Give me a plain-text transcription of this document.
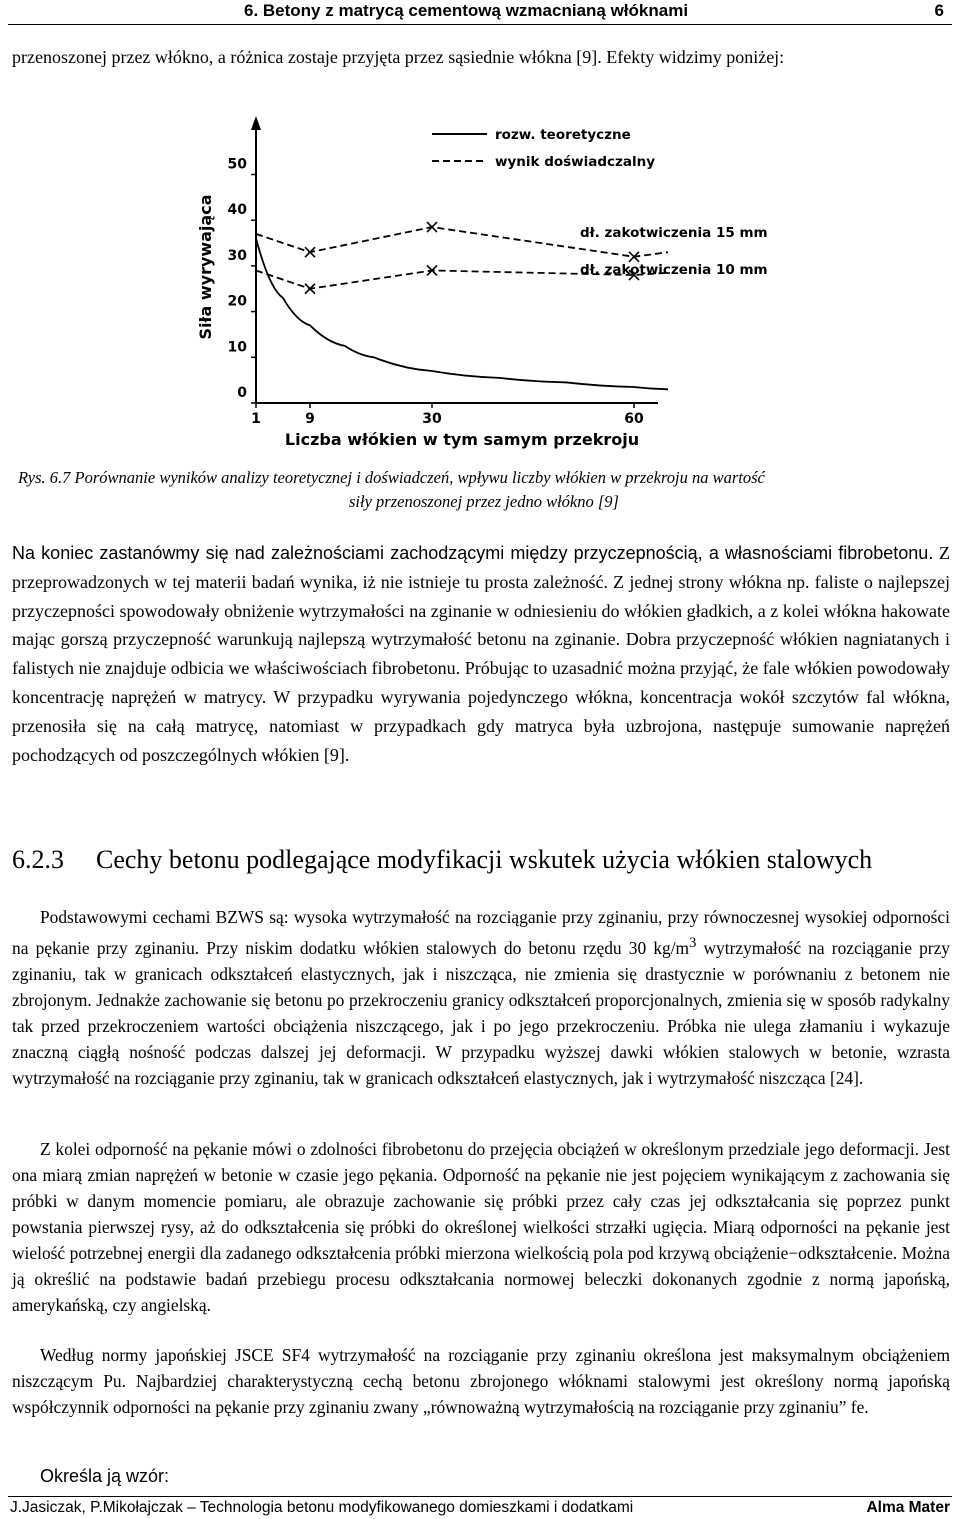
6. Betony z matrycą cementową wzmacnianą włóknami	6
przenoszonej przez włókno, a różnica zostaje przyjęta przez sąsiednie włókna [9]. Efekty widzimy poniżej:
0
10
20
30
40
50
1	9	30	60
Siła wyrywająca
Liczba włókien w tym samym przekroju
rozw. teoretyczne
wynik doświadczalny
dł. zakotwiczenia 15 mm
dł. zakotwiczenia 10 mm
Rys. 6.7 Porównanie wyników analizy teoretycznej i doświadczeń, wpływu liczby włókien w przekroju na wartość
siły przenoszonej przez jedno włókno [9]
Na koniec zastanówmy się nad zależnościami zachodzącymi między przyczepnością, a własnościami fibrobetonu. Z przeprowadzonych w tej materii badań wynika, iż nie istnieje tu prosta zależność. Z jednej strony włókna np. faliste o najlepszej przyczepności spowodowały obniżenie wytrzymałości na zginanie w odniesieniu do włókien gładkich, a z kolei włókna hakowate mając gorszą przyczepność warunkują najlepszą wytrzymałość betonu na zginanie. Dobra przyczepność włókien nagniatanych i falistych nie znajduje odbicia we właściwościach fibrobetonu. Próbując to uzasadnić można przyjąć, że fale włókien powodowały koncentrację naprężeń w matrycy. W przypadku wyrywania pojedynczego włókna, koncentracja wokół szczytów fal włókna, przenosiła się na całą matrycę, natomiast w przypadkach gdy matryca była uzbrojona, następuje sumowanie naprężeń pochodzących od poszczególnych włókien [9].
6.2.3 Cechy betonu podlegające modyfikacji wskutek użycia włókien stalowych

Podstawowymi cechami BZWS są: wysoka wytrzymałość na rozciąganie przy zginaniu, przy równoczesnej wysokiej odporności na pękanie przy zginaniu. Przy niskim dodatku włókien stalowych do betonu rzędu 30 $kg/m^3$ wytrzymałość na rozciąganie przy zginaniu, tak w granicach odkształceń elastycznych, jak i niszcząca, nie zmienia się drastycznie w porównaniu z betonem nie zbrojonym. Jednakże zachowanie się betonu po przekroczeniu granicy odkształceń proporcjonalnych, zmienia się w sposób radykalny tak przed przekroczeniem wartości obciążenia niszczącego, jak i po jego przekroczeniu. Próbka nie ulega złamaniu i wykazuje znaczną ciągłą nośność podczas dalszej jej deformacji. W przypadku wyższej dawki włókien stalowych w betonie, wzrasta wytrzymałość na rozciąganie przy zginaniu, tak w granicach odkształceń elastycznych, jak i wytrzymałość niszcząca [24].

Z kolei odporność na pękanie mówi o zdolności fibrobetonu do przejęcia obciążeń w określonym przedziale jego deformacji. Jest ona miarą zmian naprężeń w betonie w czasie jego pękania. Odporność na pękanie nie jest pojęciem wynikającym z zachowania się próbki w danym momencie pomiaru, ale obrazuje zachowanie się próbki przez cały czas jej odkształcania się poprzez punkt powstania pierwszej rysy, aż do odkształcenia się próbki do określonej wielkości strzałki ugięcia. Miarą odporności na pękanie jest wielość potrzebnej energii dla zadanego odkształcenia próbki mierzona wielkością pola pod krzywą obciążenie−odkształcenie. Można ją określić na podstawie badań przebiegu procesu odkształcania normowej beleczki dokonanych zgodnie z normą japońską, amerykańską, czy angielską.

Według normy japońskiej JSCE SF4 wytrzymałość na rozciąganie przy zginaniu określona jest maksymalnym obciążeniem niszczącym Pu. Najbardziej charakterystyczną cechą betonu zbrojonego włóknami stalowymi jest określony normą japońską współczynnik odporności na pękanie przy zginaniu zwany „równoważną wytrzymałością na rozciąganie przy zginaniu” fe.

Określa ją wzór:
J.Jasiczak, P.Mikołajczak – Technologia betonu modyfikowanego domieszkami i dodatkami	Alma Mater
